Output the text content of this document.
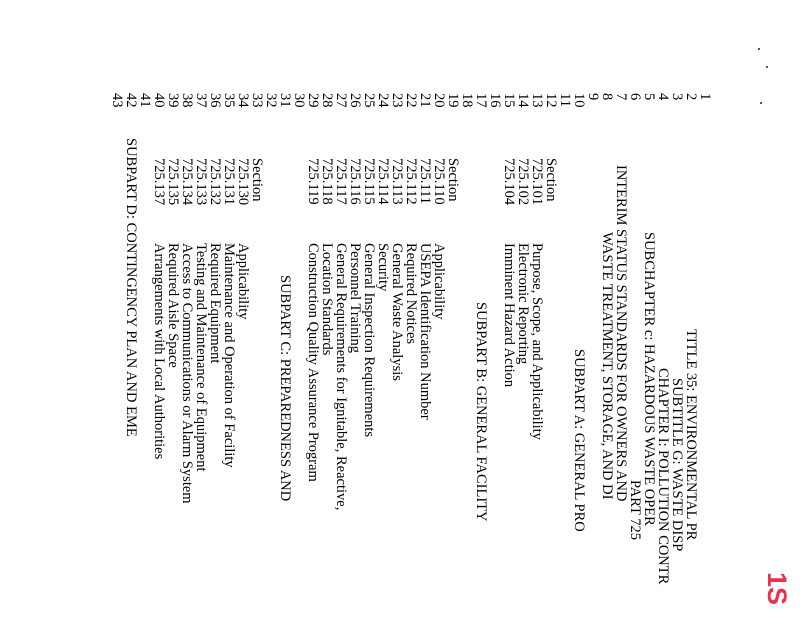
1
2
3
4
5
6
7
8
9
10
11
12
13
14
15
16
17
18
19
20
21
22
23
24
25
26
27
28
29
30
31
32
33
34
35
36
37
38
39
40
41
42
43
TITLE 35: ENVIRONMENTAL PR
SUBTITLE G: WASTE DISP
CHAPTER I: POLLUTION CONTR
SUBCHAPTER c: HAZARDOUS WASTE OPER
PART 725
INTERIM STATUS STANDARDS FOR OWNERS AND
WASTE TREATMENT, STORAGE, AND DI
SUBPART A: GENERAL PRO
Section
725.101
Purpose, Scope, and Applicability
725.102
Electronic Reporting
725.104
Imminent Hazard Action
SUBPART B: GENERAL FACILITY
Section
725.110
Applicability
725.111
USEPA Identification Number
725.112
Required Notices
725.113
General Waste Analysis
725.114
Security
725.115
General Inspection Requirements
725.116
Personnel Training
725.117
General Requirements for Ignitable, Reactive,
725.118
Location Standards
725.119
Construction Quality Assurance Program
SUBPART C: PREPAREDNESS AND
Section
725.130
Applicability
725.131
Maintenance and Operation of Facility
725.132
Required Equipment
725.133
Testing and Maintenance of Equipment
725.134
Access to Communications or Alarm System
725.135
Required Aisle Space
725.137
Arrangements with Local Authorities
SUBPART D: CONTINGENCY PLAN AND EME
1S
